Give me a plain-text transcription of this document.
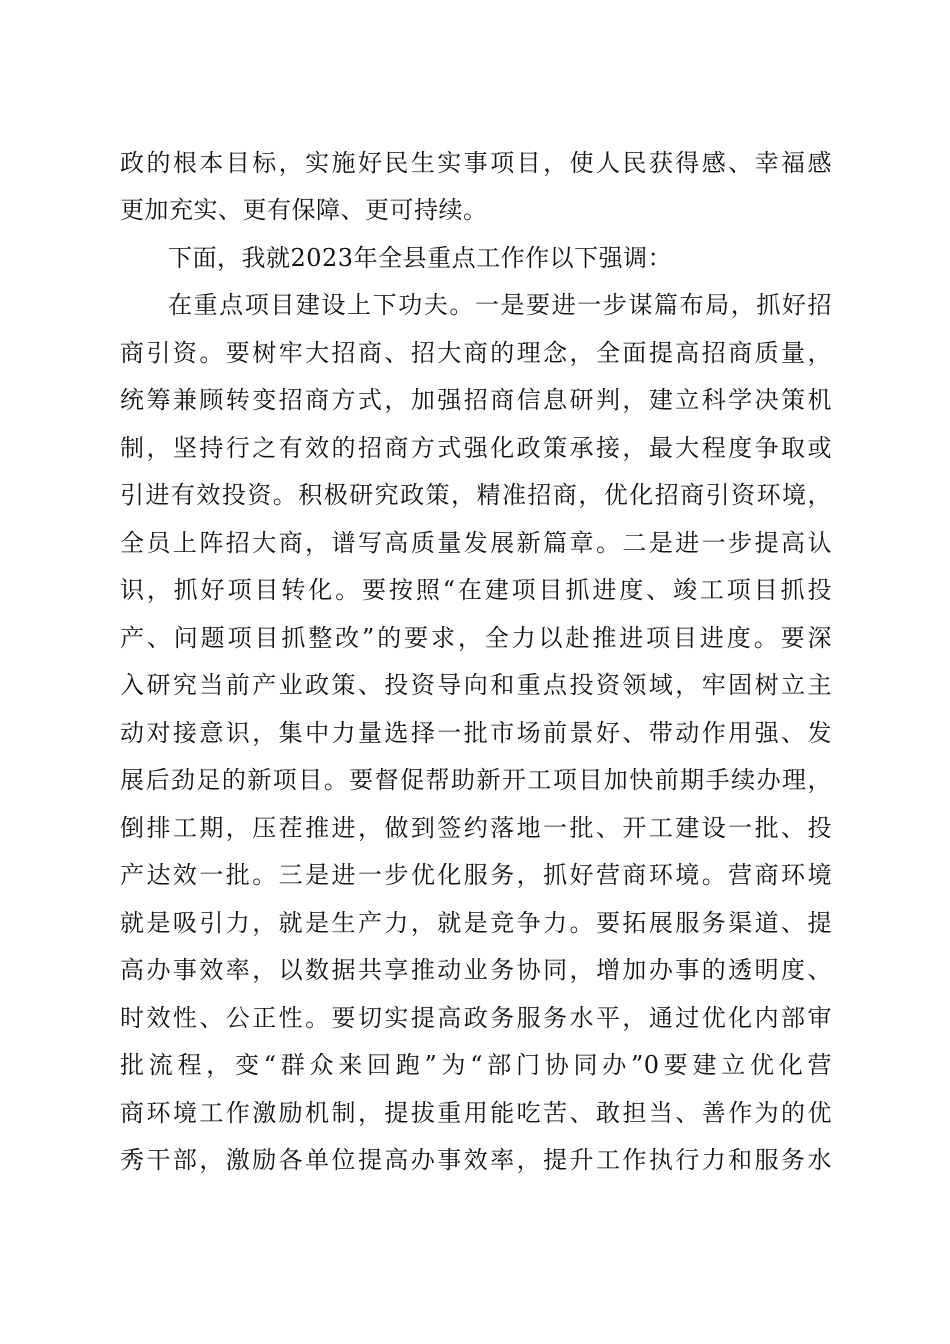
政的根本目标，实施好民生实事项目，使人民获得感、幸福感
更加充实、更有保障、更可持续。
下面，我就2023年全县重点工作作以下强调：
在重点项目建设上下功夫。一是要进一步谋篇布局，抓好招
商引资。要树牢大招商、招大商的理念，全面提高招商质量，
统筹兼顾转变招商方式，加强招商信息研判，建立科学决策机
制，坚持行之有效的招商方式强化政策承接，最大程度争取或
引进有效投资。积极研究政策，精准招商，优化招商引资环境，
全员上阵招大商，谱写高质量发展新篇章。二是进一步提高认
识，抓好项目转化。要按照“在建项目抓进度、竣工项目抓投
产、问题项目抓整改”的要求，全力以赴推进项目进度。要深
入研究当前产业政策、投资导向和重点投资领域，牢固树立主
动对接意识，集中力量选择一批市场前景好、带动作用强、发
展后劲足的新项目。要督促帮助新开工项目加快前期手续办理，
倒排工期，压茬推进，做到签约落地一批、开工建设一批、投
产达效一批。三是进一步优化服务，抓好营商环境。营商环境
就是吸引力，就是生产力，就是竞争力。要拓展服务渠道、提
高办事效率，以数据共享推动业务协同，增加办事的透明度、
时效性、公正性。要切实提高政务服务水平，通过优化内部审
批流程，变“群众来回跑”为“部门协同办”0要建立优化营
商环境工作激励机制，提拔重用能吃苦、敢担当、善作为的优
秀干部，激励各单位提高办事效率，提升工作执行力和服务水
